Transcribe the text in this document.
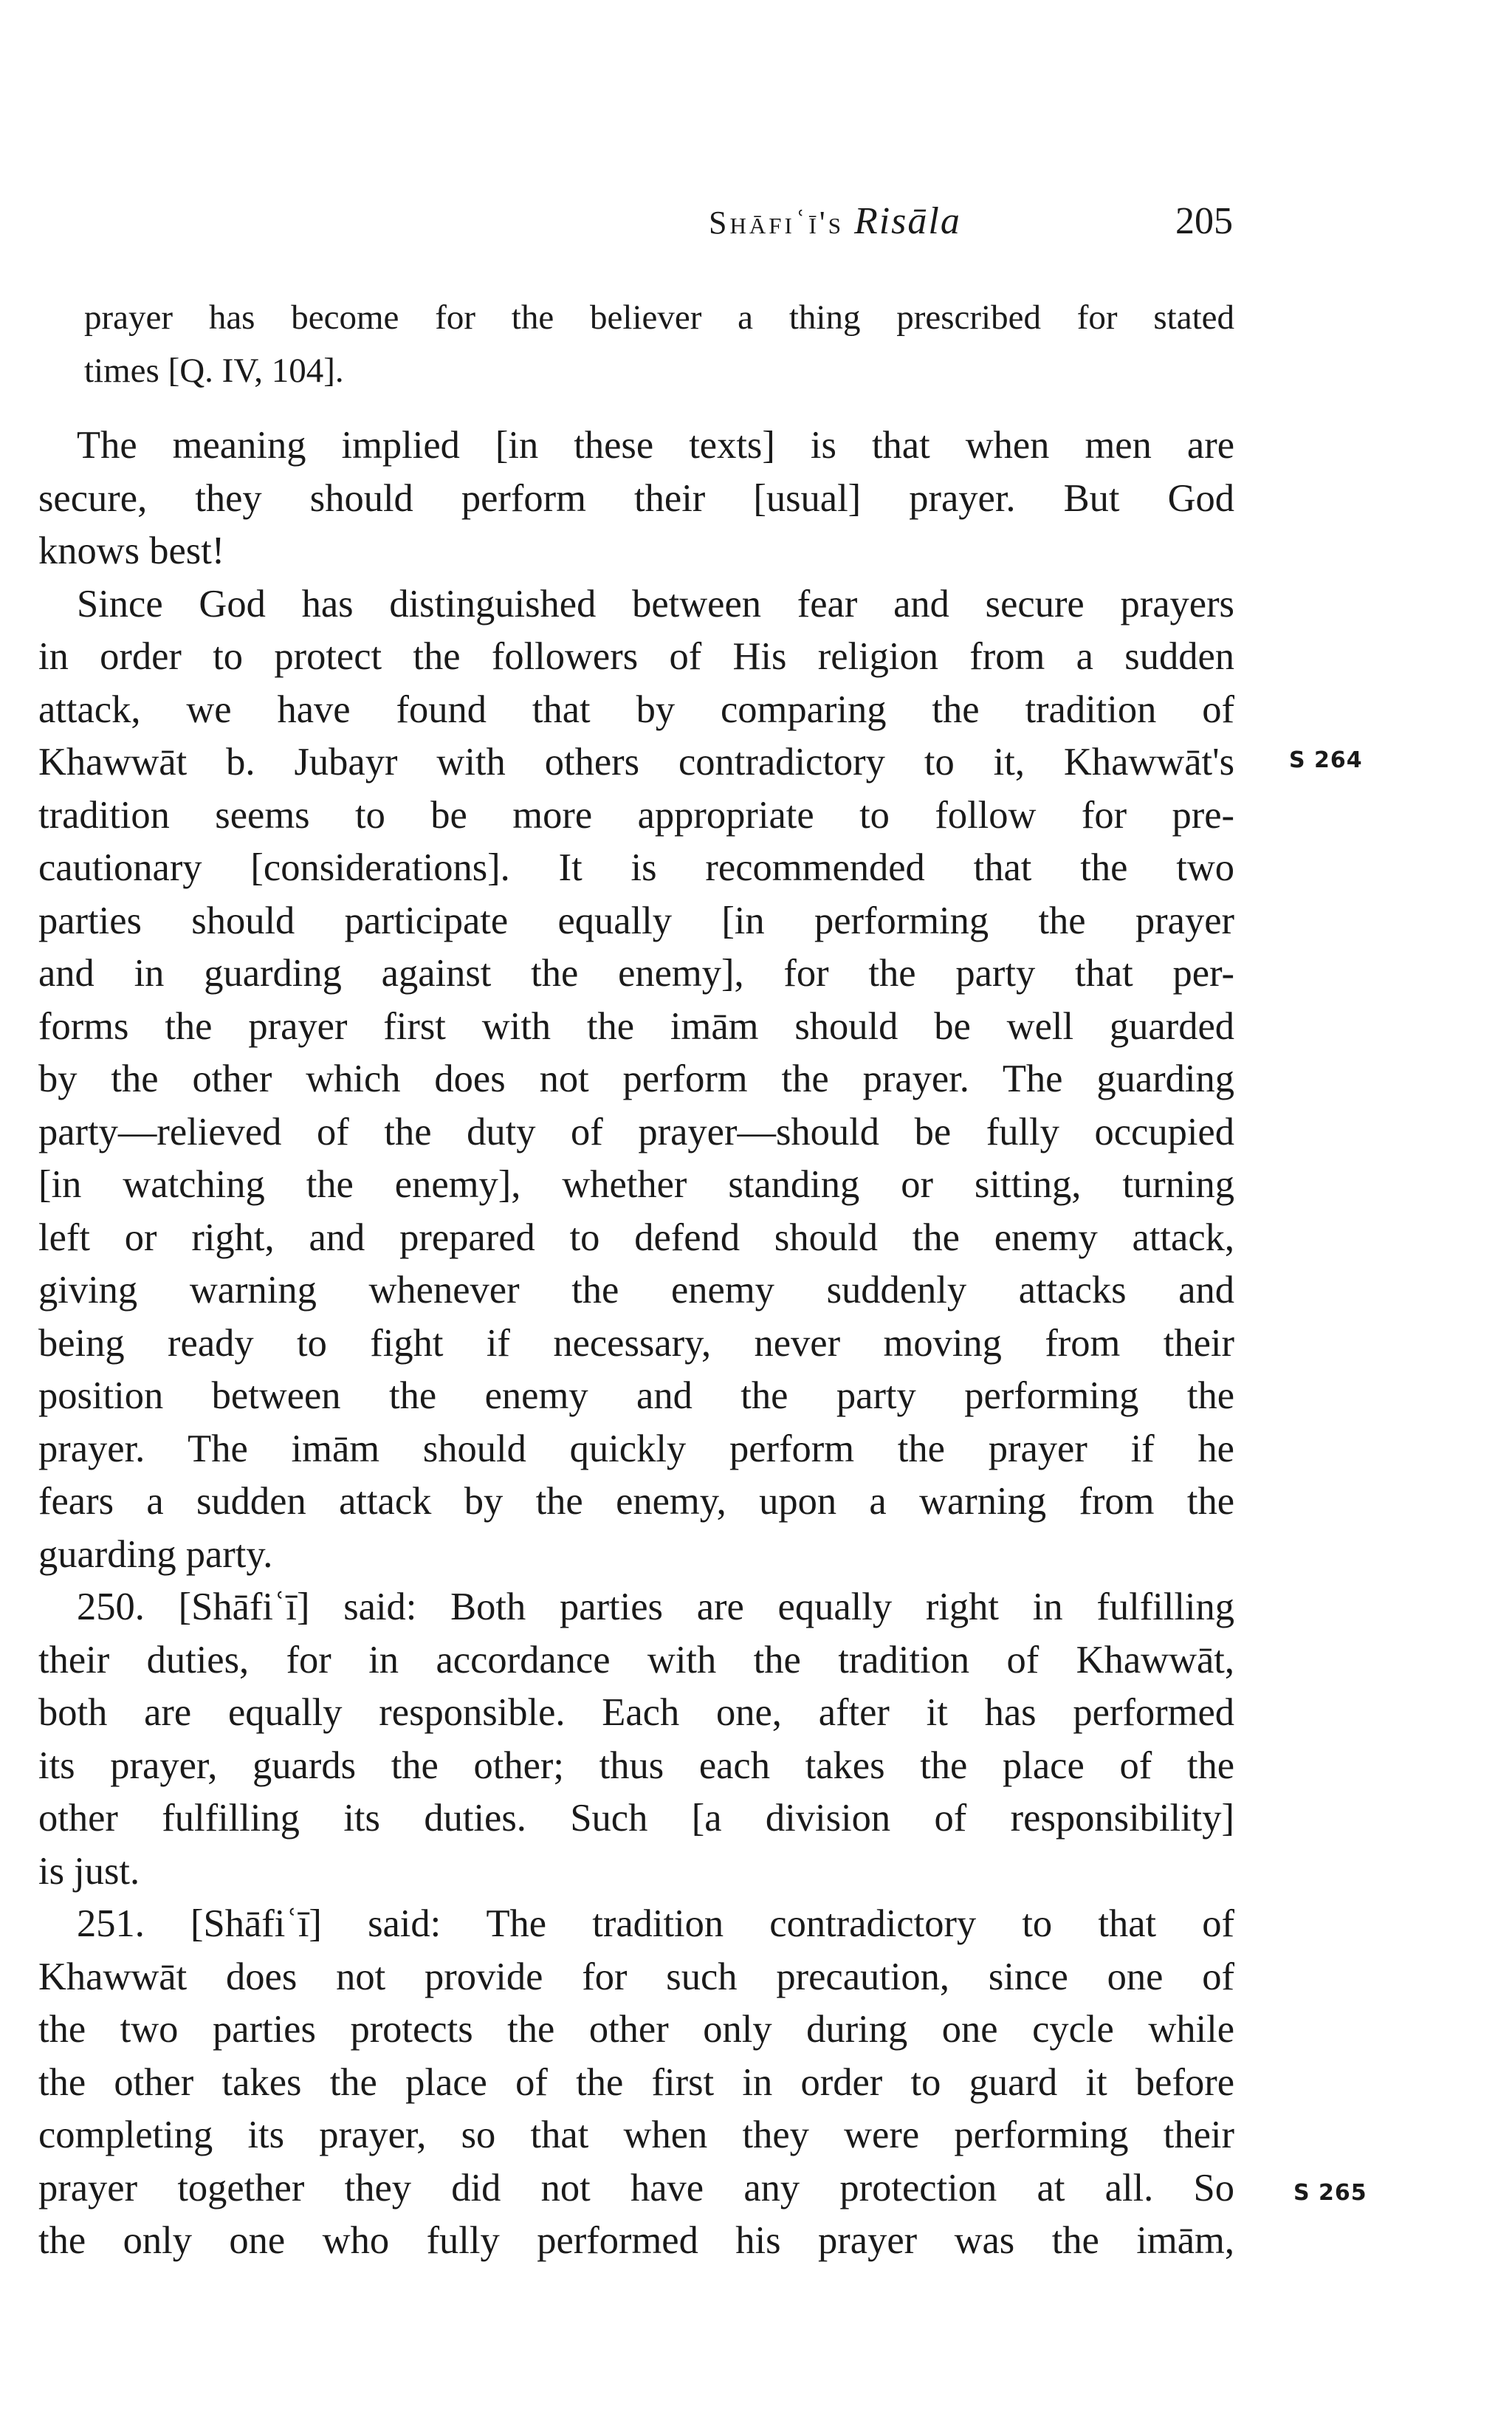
Shāfiʿī's Risāla	205
S 264
S 265
prayer has become for the believer a thing prescribed for stated
times [Q. IV, 104].
The meaning implied [in these texts] is that when men are
secure, they should perform their [usual] prayer. But God
knows best!
Since God has distinguished between fear and secure prayers
in order to protect the followers of His religion from a sudden
attack, we have found that by comparing the tradition of
Khawwāt b. Jubayr with others contradictory to it, Khawwāt's
tradition seems to be more appropriate to follow for pre-
cautionary [considerations]. It is recommended that the two
parties should participate equally [in performing the prayer
and in guarding against the enemy], for the party that per-
forms the prayer first with the imām should be well guarded
by the other which does not perform the prayer. The guarding
party—relieved of the duty of prayer—should be fully occupied
[in watching the enemy], whether standing or sitting, turning
left or right, and prepared to defend should the enemy attack,
giving warning whenever the enemy suddenly attacks and
being ready to fight if necessary, never moving from their
position between the enemy and the party performing the
prayer. The imām should quickly perform the prayer if he
fears a sudden attack by the enemy, upon a warning from the
guarding party.
250. [Shāfiʿī] said: Both parties are equally right in fulfilling
their duties, for in accordance with the tradition of Khawwāt,
both are equally responsible. Each one, after it has performed
its prayer, guards the other; thus each takes the place of the
other fulfilling its duties. Such [a division of responsibility]
is just.
251. [Shāfiʿī] said: The tradition contradictory to that of
Khawwāt does not provide for such precaution, since one of
the two parties protects the other only during one cycle while
the other takes the place of the first in order to guard it before
completing its prayer, so that when they were performing their
prayer together they did not have any protection at all. So
the only one who fully performed his prayer was the imām,
